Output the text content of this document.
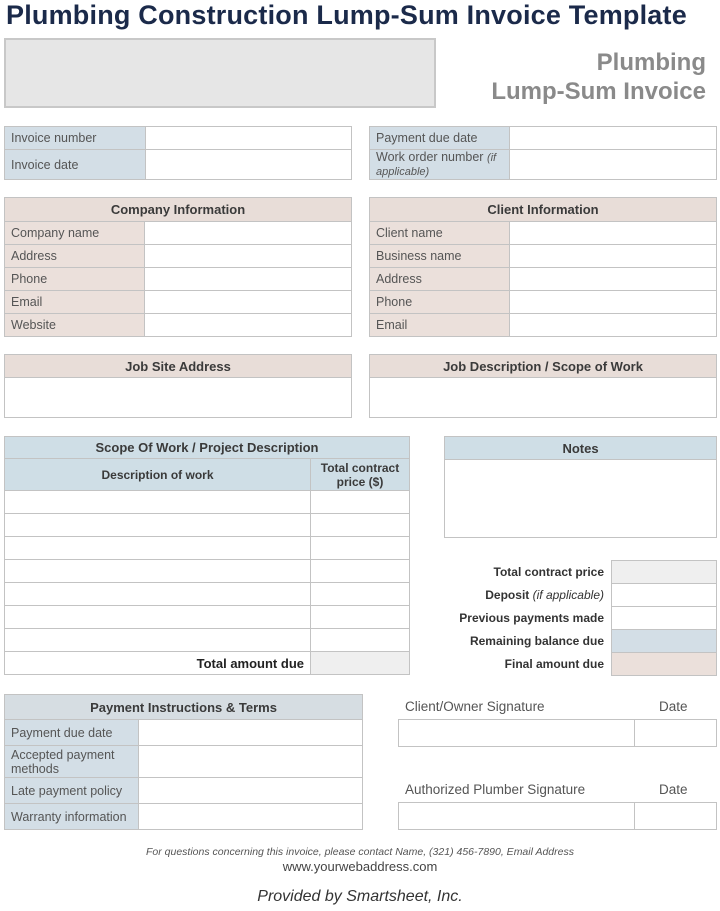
Plumbing Construction Lump-Sum Invoice Template
Plumbing
Lump-Sum Invoice
Invoice number	
Invoice date	
Payment due date	
Work order number (if applicable)	
Company Information	
Company name	
Address	
Phone	
Email	
Website	
Client Information	
Client name	
Business name	
Address	
Phone	
Email	
Job Site Address	Job Description / Scope of Work

Scope Of Work / Project Description	
Description of work	Total contract price ($)

Total amount due	
Notes

Total contract price
Deposit (if applicable)
Previous payments made
Remaining balance due
Final amount due

Payment Instructions & Terms	
Payment due date	
Accepted payment methods	
Late payment policy	
Warranty information	
Client/Owner Signature	Date

Authorized Plumber Signature	Date

For questions concerning this invoice, please contact Name, (321) 456-7890, Email Address
www.yourwebaddress.com
Provided by Smartsheet, Inc.
